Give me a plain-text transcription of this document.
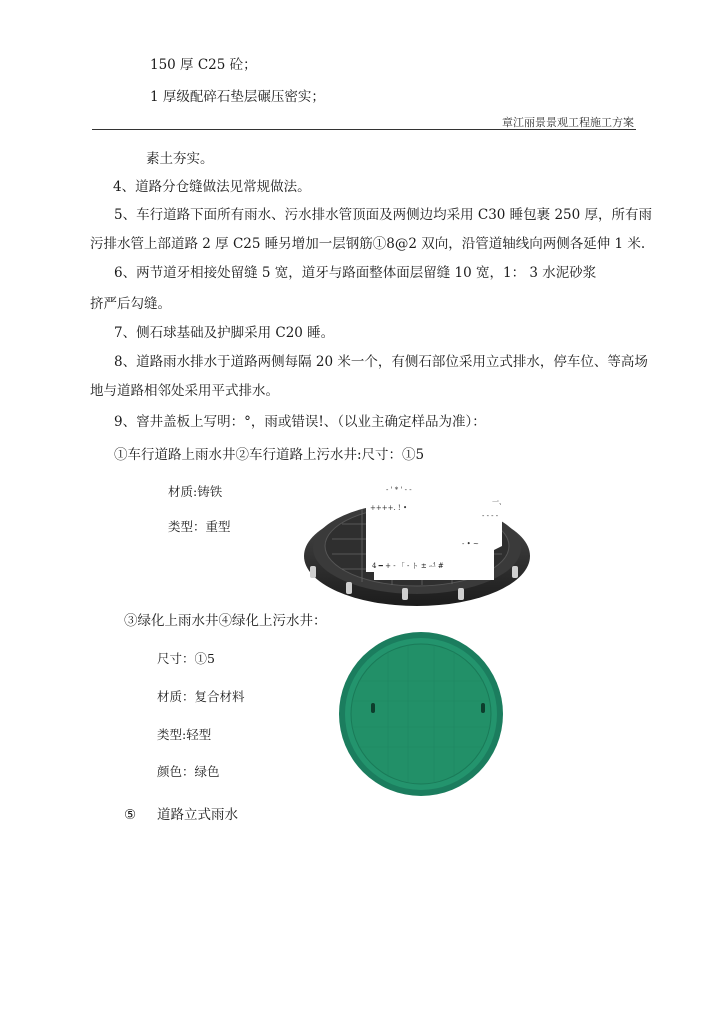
150 厚 C25 砼；
1 厚级配碎石垫层碾压密实；
章江丽景景观工程施工方案
素土夯实。
4、道路分仓缝做法见常规做法。
5、车行道路下面所有雨水、污水排水管顶面及两侧边均采用 C30 睡包裹 250 厚，所有雨
污排水管上部道路 2 厚 C25 睡另增加一层钢筋①8@2 双向，沿管道轴线向两侧各延伸 1 米.
6、两节道牙相接处留缝 5 宽，道牙与路面整体面层留缝 10 宽，1： 3 水泥砂浆
挤严后勾缝。
7、侧石球基础及护脚采用 C20 睡。
8、道路雨水排水于道路两侧每隔 20 米一个，有侧石部位采用立式排水，停车位、等高场
地与道路相邻处采用平式排水。
9、窨井盖板上写明：°，雨或错误!、（以业主确定样品为准）：
①车行道路上雨水井②车行道路上污水井:尺寸：①5
材质:铸铁
类型：重型
- ' * ' - -
++++. ! •
一、
- - - -
- • ~
4 ━ + - 「 - ト ± ᅺ #
③绿化上雨水井④绿化上污水井：
尺寸：①5
材质：复合材料
类型:轻型
颜色：绿色
⑤ 道路立式雨水
